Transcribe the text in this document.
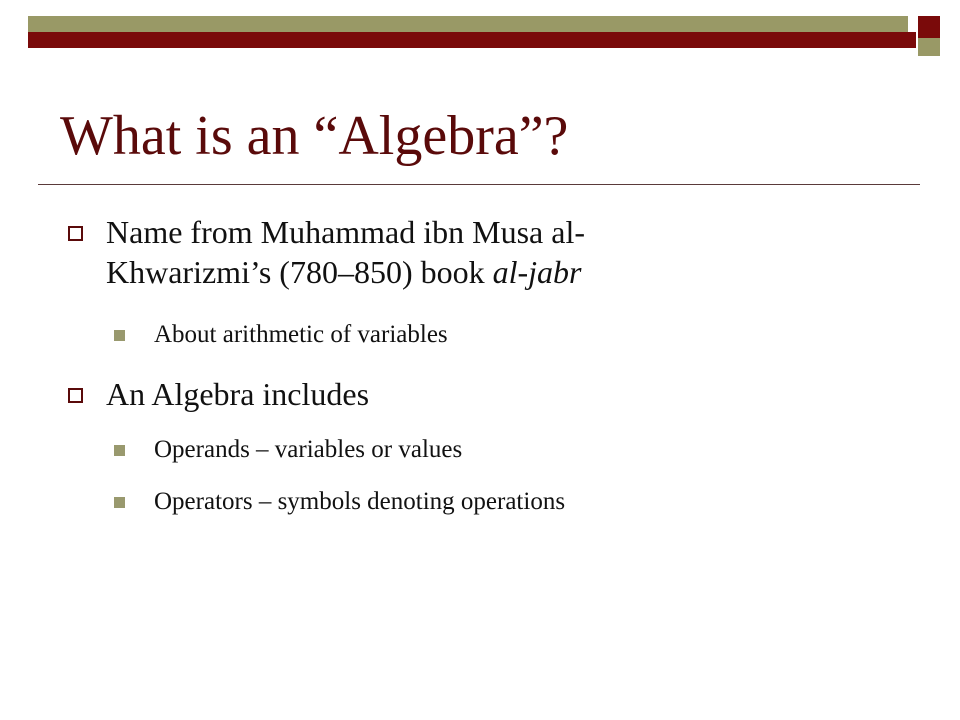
What is an “Algebra”?
Name from Muhammad ibn Musa al-
Khwarizmi’s (780–850) book al-jabr
About arithmetic of variables
An Algebra includes
Operands – variables or values
Operators – symbols denoting operations
